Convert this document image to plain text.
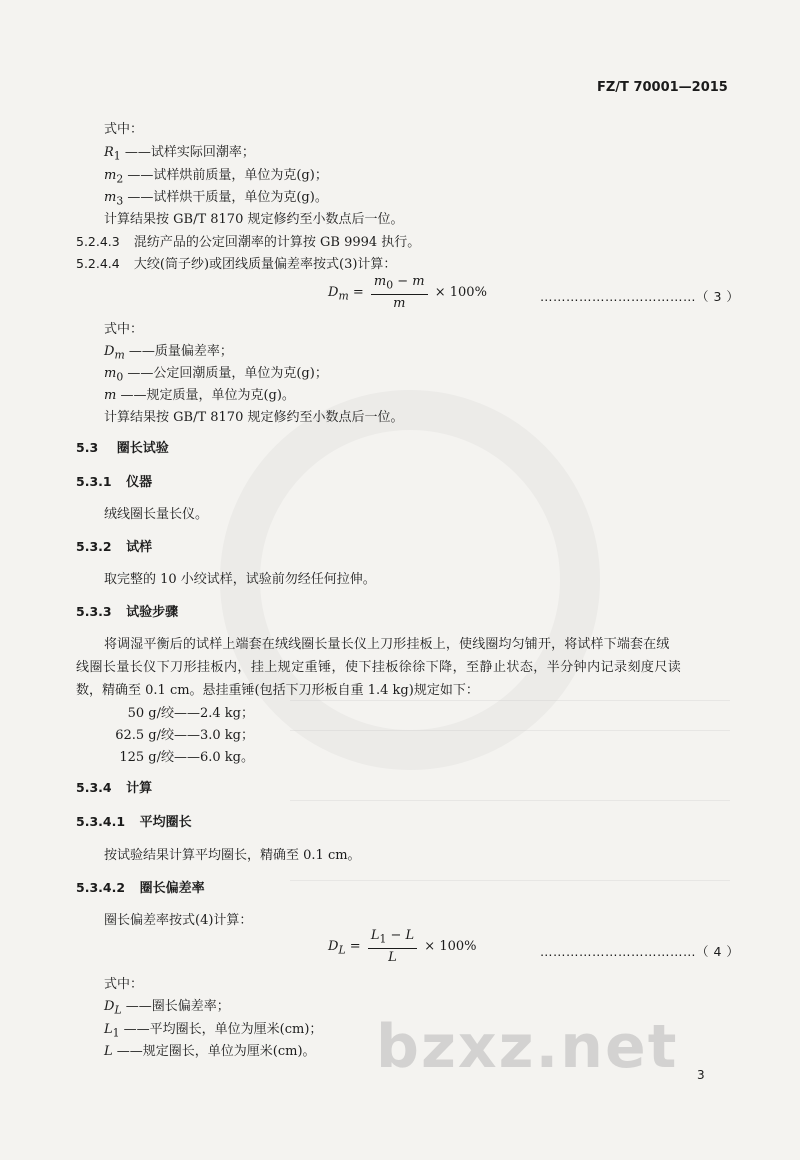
FZ/T 70001—2015
式中：
$R_1$ ——试样实际回潮率；
$m_2$ ——试样烘前质量，单位为克(g)；
$m_3$ ——试样烘干质量，单位为克(g)。
计算结果按 GB/T 8170 规定修约至小数点后一位。
5.2.4.3 混纺产品的公定回潮率的计算按 GB 9994 执行。
5.2.4.4 大绞(筒子纱)或团线质量偏差率按式(3)计算：
$D_m = \frac{m_0 - m}{m} \times 100\%$	………………………………（ 3 ）
式中：
$D_m$ ——质量偏差率；
$m_0$ ——公定回潮质量，单位为克(g)；
m ——规定质量，单位为克(g)。
计算结果按 GB/T 8170 规定修约至小数点后一位。
5.3 圈长试验
5.3.1 仪器
绒线圈长量长仪。
5.3.2 试样
取完整的 10 小绞试样，试验前勿经任何拉伸。
5.3.3 试验步骤
将调湿平衡后的试样上端套在绒线圈长量长仪上刀形挂板上，使线圈均匀铺开，将试样下端套在绒
线圈长量长仪下刀形挂板内，挂上规定重锤，使下挂板徐徐下降，至静止状态，半分钟内记录刻度尺读
数，精确至 0.1 cm。悬挂重锤(包括下刀形板自重 1.4 kg)规定如下：
50 g/绞——2.4 kg；
62.5 g/绞——3.0 kg；
125 g/绞——6.0 kg。
5.3.4 计算
5.3.4.1 平均圈长
按试验结果计算平均圈长，精确至 0.1 cm。
5.3.4.2 圈长偏差率
圈长偏差率按式(4)计算：
$D_L = \frac{L_1 - L}{L} \times 100\%$	………………………………（ 4 ）
式中：
$D_L$ ——圈长偏差率；
$L_1$ ——平均圈长，单位为厘米(cm)；
L ——规定圈长，单位为厘米(cm)。 bzxz.net 3
